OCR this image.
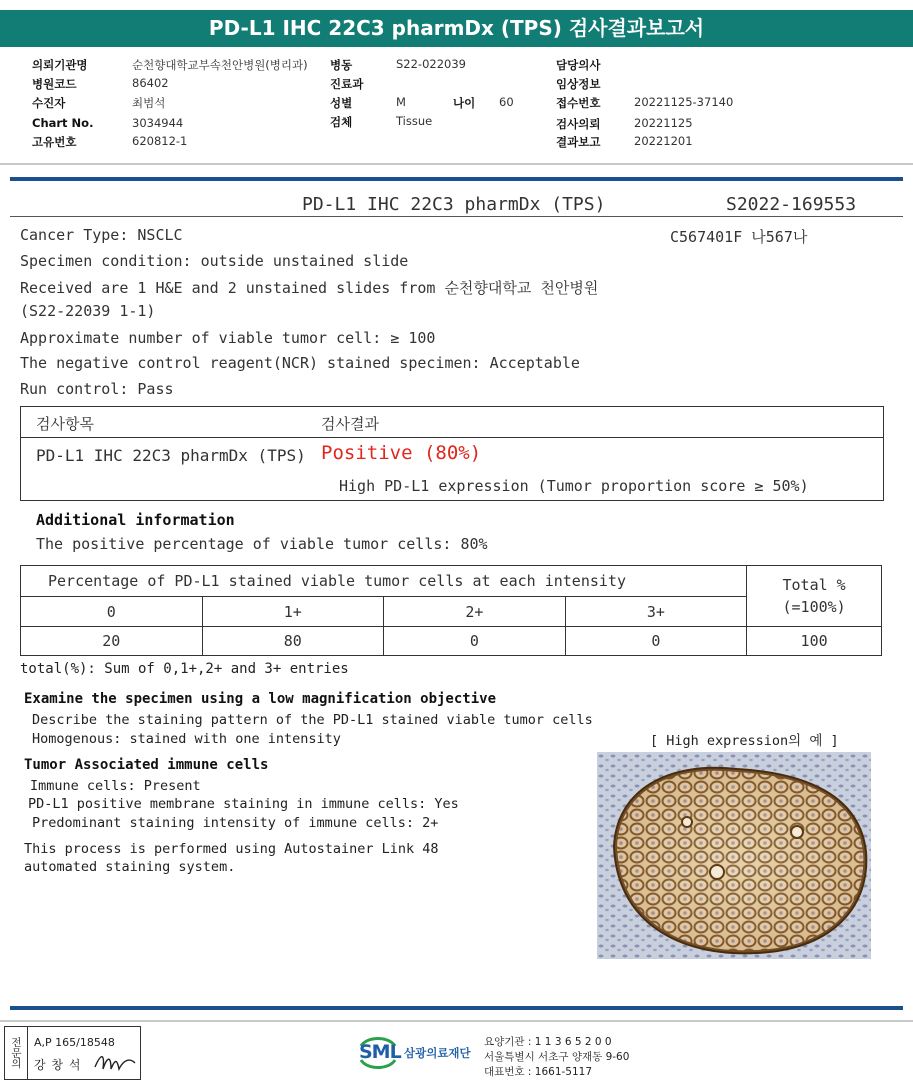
PD-L1 IHC 22C3 pharmDx (TPS) 검사결과보고서
의뢰기관명	순천향대학교부속천안병원(병리과)
병원코드	86402
수진자	최범석
Chart No.	3034944
고유번호	620812-1
병동	S22-022039
진료과
성별	M	나이 60
검체	Tissue
담당의사
임상정보
접수번호	20221125-37140
검사의뢰	20221125
결과보고	20221201
PD-L1 IHC 22C3 pharmDx (TPS)	S2022-169553
Cancer Type: NSCLC	C567401F 나567나
Specimen condition: outside unstained slide
Received are 1 H&E and 2 unstained slides from 순천향대학교 천안병원
(S22-22039 1-1)
Approximate number of viable tumor cell: ≥ 100
The negative control reagent(NCR) stained specimen: Acceptable
Run control: Pass
검사항목	검사결과
PD-L1 IHC 22C3 pharmDx (TPS) Positive (80%)
High PD-L1 expression (Tumor proportion score ≥ 50%)
Additional information
The positive percentage of viable tumor cells: 80%
Percentage of PD-L1 stained viable tumor cells at each intensity				Total %
(=100%)

0	1+	2+	3+	
20	80	0	0	100
total(%): Sum of 0,1+,2+ and 3+ entries
Examine the specimen using a low magnification objective
Describe the staining pattern of the PD-L1 stained viable tumor cells
Homogenous: stained with one intensity
Tumor Associated immune cells
Immune cells: Present
PD-L1 positive membrane staining in immune cells: Yes
Predominant staining intensity of immune cells: 2+
This process is performed using Autostainer Link 48
automated staining system.
[ High expression의 예 ]
전문의	A,P 165/18548
강 창 석
SML 삼광의료재단
요양기관 : 1 1 3 6 5 2 0 0
서울특별시 서초구 양재동 9-60
대표번호 : 1661-5117
